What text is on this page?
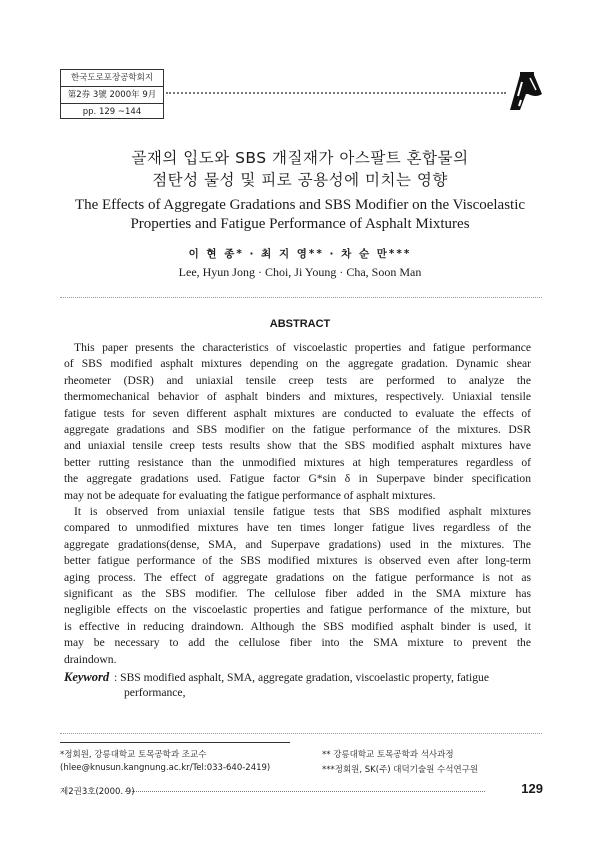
한국도로포장공학회지
第2券 3號 2000年 9月
pp. 129 ~144
골재의 입도와 SBS 개질재가 아스팔트 혼합물의
점탄성 물성 및 피로 공용성에 미치는 영향
The Effects of Aggregate Gradations and SBS Modifier on the Viscoelastic
Properties and Fatigue Performance of Asphalt Mixtures
이 현 종* · 최 지 영** · 차 순 만***
Lee, Hyun Jong · Choi, Ji Young · Cha, Soon Man
ABSTRACT
This paper presents the characteristics of viscoelastic properties and fatigue performance
of SBS modified asphalt mixtures depending on the aggregate gradation. Dynamic shear
rheometer (DSR) and uniaxial tensile creep tests are performed to analyze the
thermomechanical behavior of asphalt binders and mixtures, respectively. Uniaxial tensile
fatigue tests for seven different asphalt mixtures are conducted to evaluate the effects of
aggregate gradations and SBS modifier on the fatigue performance of the mixtures. DSR
and uniaxial tensile creep tests results show that the SBS modified asphalt mixtures have
better rutting resistance than the unmodified mixtures at high temperatures regardless of
the aggregate gradations used. Fatigue factor G*sin δ in Superpave binder specification
may not be adequate for evaluating the fatigue performance of asphalt mixtures.
It is observed from uniaxial tensile fatigue tests that SBS modified asphalt mixtures
compared to unmodified mixtures have ten times longer fatigue lives regardless of the
aggregate gradations(dense, SMA, and Superpave gradations) used in the mixtures. The
better fatigue performance of the SBS modified mixtures is observed even after long-term
aging process. The effect of aggregate gradations on the fatigue performance is not as
significant as the SBS modifier. The cellulose fiber added in the SMA mixture has
negligible effects on the viscoelastic properties and fatigue performance of the mixture, but
is effective in reducing draindown. Although the SBS modified asphalt binder is used, it
may be necessary to add the cellulose fiber into the SMA mixture to prevent the
draindown.
Keyword : SBS modified asphalt, SMA, aggregate gradation, viscoelastic property, fatigue
performance,
*정회원, 강릉대학교 토목공학과 조교수
(hlee@knusun.kangnung.ac.kr/Tel:033-640-2419)
** 강릉대학교 토목공학과 석사과정
***정회원, SK(주) 대덕기술원 수석연구원
제2권3호(2000. 9)	129
